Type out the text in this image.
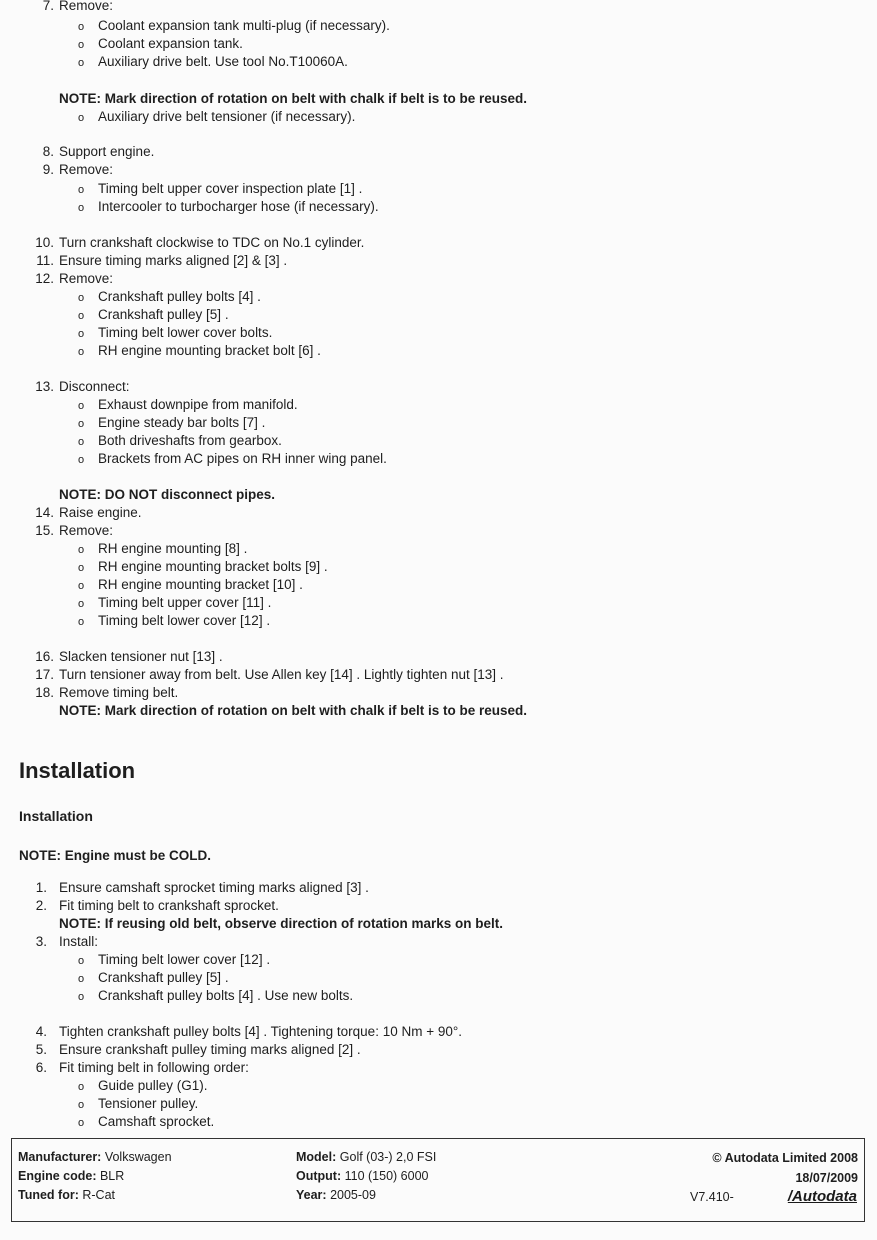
7. Remove:
o Coolant expansion tank multi-plug (if necessary).
o Coolant expansion tank.
o Auxiliary drive belt. Use tool No.T10060A.
NOTE: Mark direction of rotation on belt with chalk if belt is to be reused.
o Auxiliary drive belt tensioner (if necessary).
8. Support engine.
9. Remove:
o Timing belt upper cover inspection plate [1] .
o Intercooler to turbocharger hose (if necessary).
10. Turn crankshaft clockwise to TDC on No.1 cylinder.
11. Ensure timing marks aligned [2] & [3] .
12. Remove:
o Crankshaft pulley bolts [4] .
o Crankshaft pulley [5] .
o Timing belt lower cover bolts.
o RH engine mounting bracket bolt [6] .
13. Disconnect:
o Exhaust downpipe from manifold.
o Engine steady bar bolts [7] .
o Both driveshafts from gearbox.
o Brackets from AC pipes on RH inner wing panel.
NOTE: DO NOT disconnect pipes.
14. Raise engine.
15. Remove:
o RH engine mounting [8] .
o RH engine mounting bracket bolts [9] .
o RH engine mounting bracket [10] .
o Timing belt upper cover [11] .
o Timing belt lower cover [12] .
16. Slacken tensioner nut [13] .
17. Turn tensioner away from belt. Use Allen key [14] . Lightly tighten nut [13] .
18. Remove timing belt.
NOTE: Mark direction of rotation on belt with chalk if belt is to be reused.
Installation
Installation
NOTE: Engine must be COLD.
1. Ensure camshaft sprocket timing marks aligned [3] .
2. Fit timing belt to crankshaft sprocket.
NOTE: If reusing old belt, observe direction of rotation marks on belt.
3. Install:
o Timing belt lower cover [12] .
o Crankshaft pulley [5] .
o Crankshaft pulley bolts [4] . Use new bolts.
4. Tighten crankshaft pulley bolts [4] . Tightening torque: 10 Nm + 90°.
5. Ensure crankshaft pulley timing marks aligned [2] .
6. Fit timing belt in following order:
o Guide pulley (G1).
o Tensioner pulley.
o Camshaft sprocket.
Manufacturer: Volkswagen
Engine code: BLR
Tuned for: R-Cat
Model: Golf (03-) 2,0 FSI
Output: 110 (150) 6000
Year: 2005-09
© Autodata Limited 2008
18/07/2009
V7.410-	/Autodata
